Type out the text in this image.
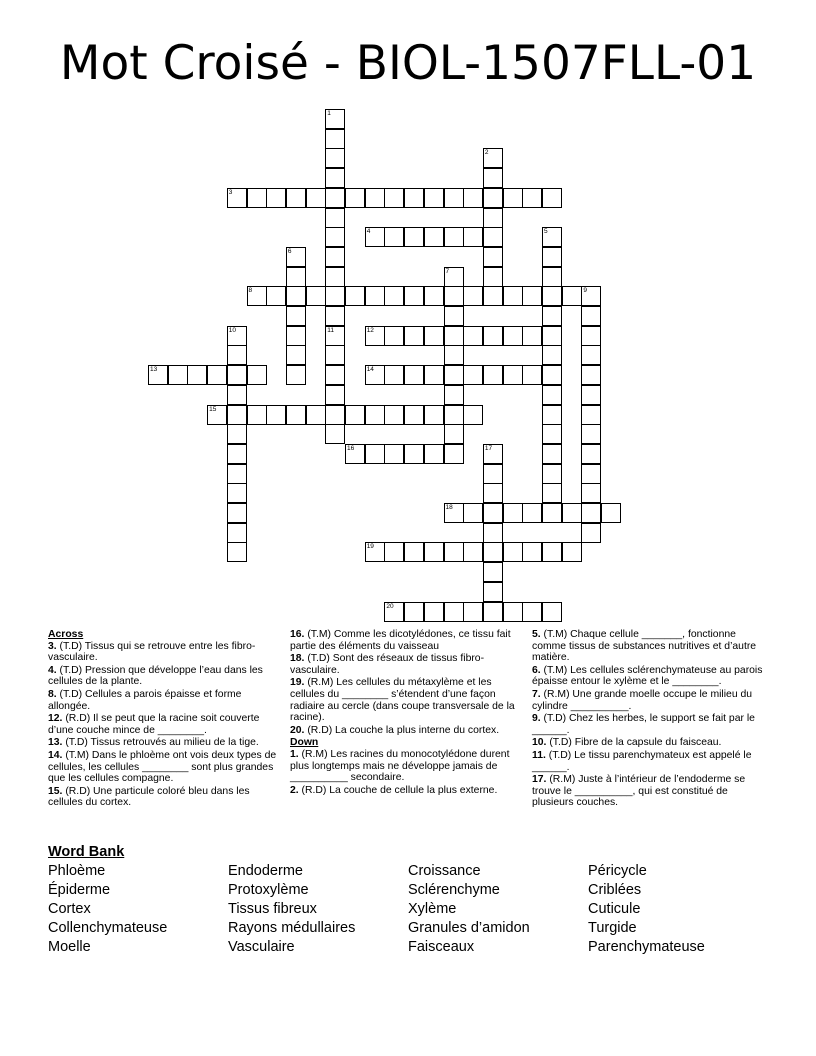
Mot Croisé - BIOL-1507FLL-01
3
4
8
12
13	14
15
16
18
19
20
1
11
2
5
6
7
9
10
17
Across

3. (T.D) Tissus qui se retrouve entre les fibro-vasculaire.

4. (T.D) Pression que développe l’eau dans les cellules de la plante.

8. (T.D) Cellules a parois épaisse et forme allongée.

12. (R.D) Il se peut que la racine soit couverte d’une couche mince de ________.

13. (T.D) Tissus retrouvés au milieu de la tige.

14. (T.M) Dans le phloème ont vois deux types de cellules, les cellules ________ sont plus grandes que les cellules compagne.

15. (R.D) Une particule coloré bleu dans les cellules du cortex.

16. (T.M) Comme les dicotylédones, ce tissu fait partie des éléments du vaisseau

18. (T.D) Sont des réseaux de tissus fibro-vasculaire.

19. (R.M) Les cellules du métaxylème et les cellules du ________ s’étendent d’une façon radiaire au cercle (dans coupe transversale de la racine).

20. (R.D) La couche la plus interne du cortex.

Down

1. (R.M) Les racines du monocotylédone durent plus longtemps mais ne développe jamais de __________ secondaire.

2. (R.D) La couche de cellule la plus externe.

5. (T.M) Chaque cellule _______, fonctionne comme tissus de substances nutritives et d’autre matière.

6. (T.M) Les cellules sclérenchymateuse au parois épaisse entour le xylème et le ________.

7. (R.M) Une grande moelle occupe le milieu du cylindre __________.

9. (T.D) Chez les herbes, le support se fait par le ______.

10. (T.D) Fibre de la capsule du faisceau.

11. (T.D) Le tissu parenchymateux est appelé le ______.

17. (R.M) Juste à l’intérieur de l’endoderme se trouve le __________, qui est constitué de plusieurs couches.

Word Bank
Phloème	Endoderme	Croissance	Péricycle
Épiderme	Protoxylème	Sclérenchyme	Criblées
Cortex	Tissus fibreux	Xylème	Cuticule
Collenchymateuse	Rayons médullaires	Granules d’amidon	Turgide
Moelle	Vasculaire	Faisceaux	Parenchymateuse
